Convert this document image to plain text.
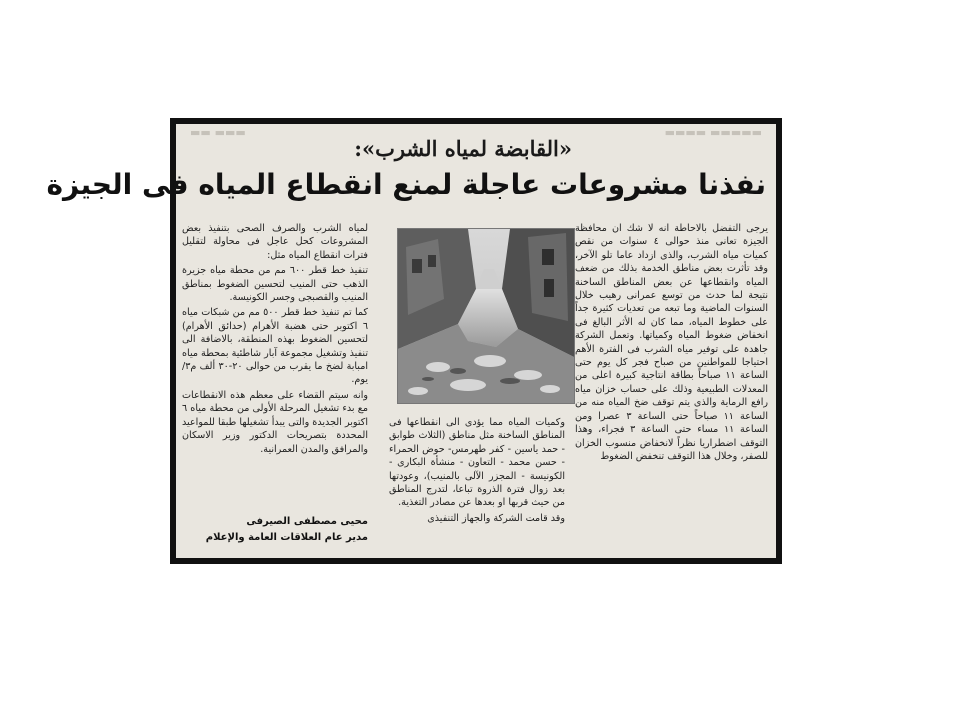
▬▬ ▬▬▬	▬▬▬▬ ▬▬▬▬▬
«القابضة لمياه الشرب»:
نفذنا مشروعات عاجلة لمنع انقطاع المياه فى الجيزة

يرجى التفضل بالاحاطة انه لا شك ان محافظة الجيزة تعانى منذ حوالى ٤ سنوات من نقص كميات مياه الشرب، والذى ازداد عاما تلو الآخر، وقد تأثرت بعض مناطق الخدمة بذلك من ضعف المياه وانقطاعها عن بعض المناطق الساخنة نتيجة لما حدث من توسع عمرانى رهيب خلال السنوات الماضية وما تبعه من تعديات كثيرة جداً على خطوط المياه، مما كان له الأثر البالغ فى انخفاض ضغوط المياه وكمياتها. وتعمل الشركة جاهدة على توفير مياه الشرب فى الفترة الأهم احتياجا للمواطنين من صباح فجر كل يوم حتى الساعة ١١ صباحاً بطاقة انتاجية كبيرة اعلى من المعدلات الطبيعية وذلك على حساب خزان مياه رافع الرماية والذى يتم توقف ضخ المياه منه من الساعة ١١ صباحاً حتى الساعة ٣ عصرا ومن الساعة ١١ مساء حتى الساعة ٣ فجراء، وهذا التوقف اضطراريا نظراً لانخفاض منسوب الخزان للصفر، وخلال هذا التوقف تنخفض الضغوط

وكميات المياه مما يؤدى الى انقطاعها فى المناطق الساخنة مثل مناطق (الثلاث طوابق - حمد ياسين - كفر طهرمس- حوض الحمراء - حسن محمد - التعاون - منشأة البكارى - الكونيسة - المجزر الآلى بالمنيب)، وعودتها بعد زوال فترة الذروة تباعا، لتدرج المناطق من حيث قربها او بعدها عن مصادر التغذية.

وقد قامت الشركة والجهاز التنفيذى

لمياه الشرب والصرف الصحى بتنفيذ بعض المشروعات كحل عاجل فى محاولة لتقليل فترات انقطاع المياه مثل:

تنفيذ خط قطر ٦٠٠ مم من محطة مياه جزيرة الذهب حتى المنيب لتحسين الضغوط بمناطق المنيب والقصبجى وجسر الكونيسة.

كما تم تنفيذ خط قطر ٥٠٠ مم من شبكات مياه ٦ اكتوبر حتى هضبة الأهرام (حدائق الأهرام) لتحسين الضغوط بهذه المنطقة، بالاضافة الى تنفيذ وتشغيل مجموعة آبار شاطئية بمحطة مياه امبابة لضخ ما يقرب من حوالى ٢٠-٣٠ ألف م٣/ يوم.

وانه سيتم القضاء على معظم هذه الانقطاعات مع بدء تشغيل المرحلة الأولى من محطة مياه ٦ اكتوبر الجديدة والتى يبدأ تشغيلها طبقا للمواعيد المحددة بتصريحات الدكتور وزير الاسكان والمرافق والمدن العمرانية.

محيى مصطفى الصيرفى
مدير عام العلاقات العامة والإعلام
